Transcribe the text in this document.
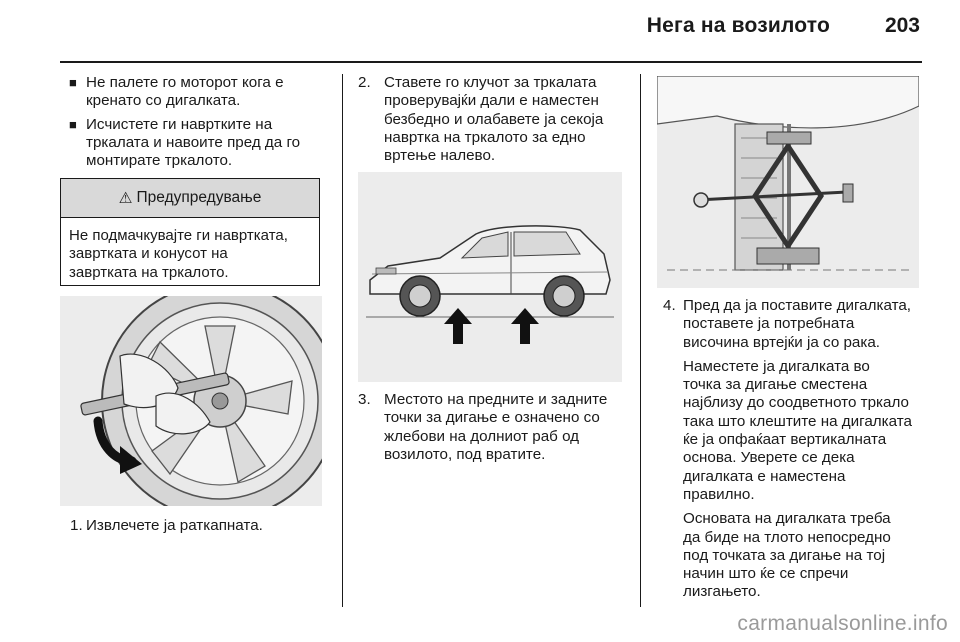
Нега на возилото	203
■ Не палете го моторот кога е
кренато со дигалката.
■ Исчистете ги навртките на
тркалата и навоите пред да го
монтирате тркалото.
⚠ Предупредување
Не подмачкувајте ги навртката,
завртката и конусот на
завртката на тркалото.
1. Извлечете ја раткапната.
2. Ставете го клучот за тркалата
проверувајќи дали е наместен
безбедно и олабавете ја секоја
навртка на тркалото за едно
вртење налево.
3. Местото на предните и задните
точки за дигање е означено со
жлебови на долниот раб од
возилото, под вратите.
4. Пред да ја поставите дигалката,
поставете ја потребната
височина вртејќи ја со рака.
Наместете ја дигалката во
точка за дигање сместена
најблизу до соодветното тркало
така што клештите на дигалката
ќе ја опфаќаат вертикалната
основа. Уверете се дека
дигалката е наместена
правилно.
Основата на дигалката треба
да биде на тлото непосредно
под точката за дигање на тој
начин што ќе се спречи
лизгањето.
carmanualsonline.info
